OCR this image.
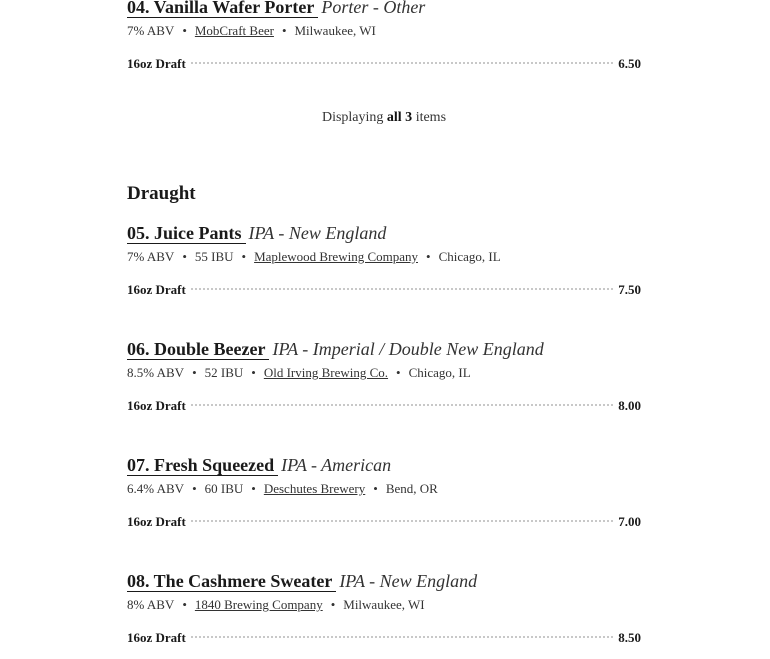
04. Vanilla Wafer Porter Porter - Other
7% ABV • MobCraft Beer • Milwaukee, WI
16oz Draft	6.50
Displaying all 3 items
Draught
05. Juice Pants IPA - New England
7% ABV • 55 IBU • Maplewood Brewing Company • Chicago, IL
16oz Draft	7.50
06. Double Beezer IPA - Imperial / Double New England
8.5% ABV • 52 IBU • Old Irving Brewing Co. • Chicago, IL
16oz Draft	8.00
07. Fresh Squeezed IPA - American
6.4% ABV • 60 IBU • Deschutes Brewery • Bend, OR
16oz Draft	7.00
08. The Cashmere Sweater IPA - New England
8% ABV • 1840 Brewing Company • Milwaukee, WI
16oz Draft	8.50
